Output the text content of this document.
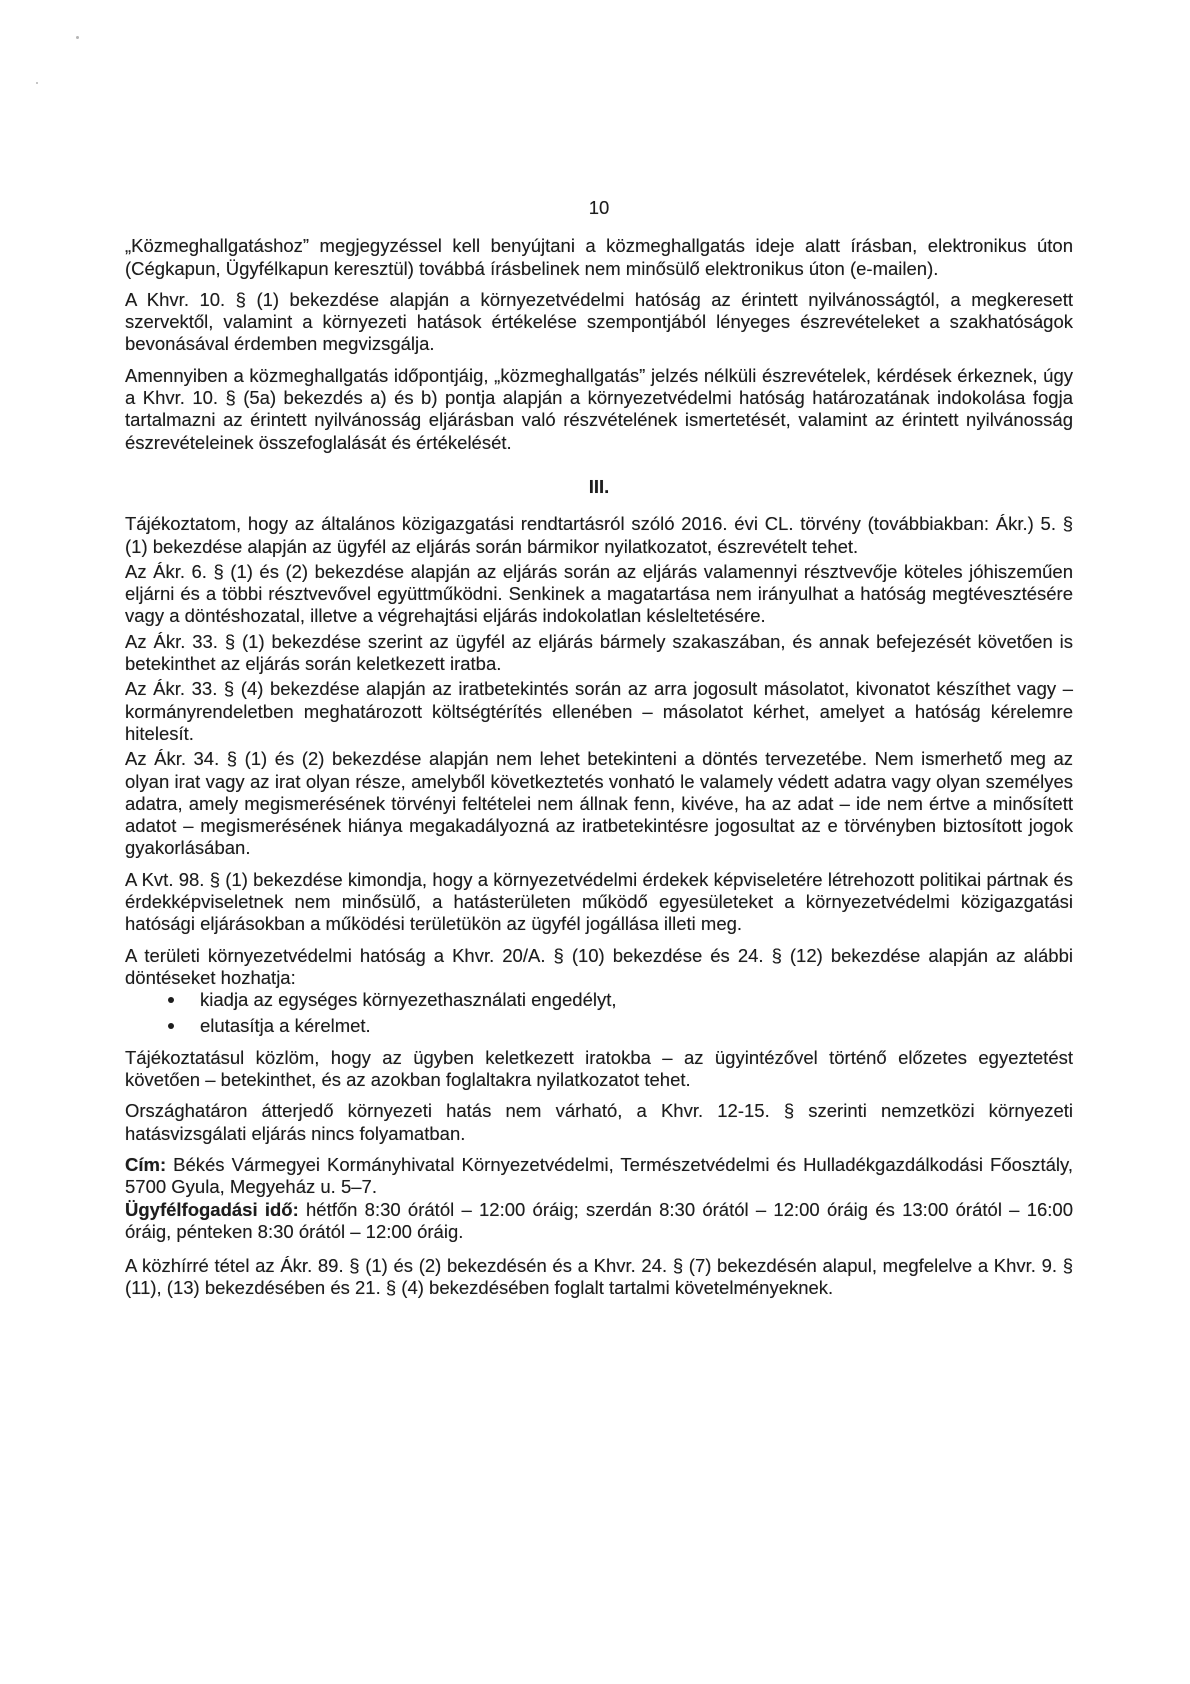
10

„Közmeghallgatáshoz” megjegyzéssel kell benyújtani a közmeghallgatás ideje alatt írásban, elektronikus úton (Cégkapun, Ügyfélkapun keresztül) továbbá írásbelinek nem minősülő elektronikus úton (e-mailen).

A Khvr. 10. § (1) bekezdése alapján a környezetvédelmi hatóság az érintett nyilvánosságtól, a megkeresett szervektől, valamint a környezeti hatások értékelése szempontjából lényeges észrevételeket a szakhatóságok bevonásával érdemben megvizsgálja.

Amennyiben a közmeghallgatás időpontjáig, „közmeghallgatás” jelzés nélküli észrevételek, kérdések érkeznek, úgy a Khvr. 10. § (5a) bekezdés a) és b) pontja alapján a környezetvédelmi hatóság határozatának indokolása fogja tartalmazni az érintett nyilvánosság eljárásban való részvételének ismertetését, valamint az érintett nyilvánosság észrevételeinek összefoglalását és értékelését.

III.

Tájékoztatom, hogy az általános közigazgatási rendtartásról szóló 2016. évi CL. törvény (továbbiakban: Ákr.) 5. § (1) bekezdése alapján az ügyfél az eljárás során bármikor nyilatkozatot, észrevételt tehet.

Az Ákr. 6. § (1) és (2) bekezdése alapján az eljárás során az eljárás valamennyi résztvevője köteles jóhiszeműen eljárni és a többi résztvevővel együttműködni. Senkinek a magatartása nem irányulhat a hatóság megtévesztésére vagy a döntéshozatal, illetve a végrehajtási eljárás indokolatlan késleltetésére.

Az Ákr. 33. § (1) bekezdése szerint az ügyfél az eljárás bármely szakaszában, és annak befejezését követően is betekinthet az eljárás során keletkezett iratba.

Az Ákr. 33. § (4) bekezdése alapján az iratbetekintés során az arra jogosult másolatot, kivonatot készíthet vagy – kormányrendeletben meghatározott költségtérítés ellenében – másolatot kérhet, amelyet a hatóság kérelemre hitelesít.

Az Ákr. 34. § (1) és (2) bekezdése alapján nem lehet betekinteni a döntés tervezetébe. Nem ismerhető meg az olyan irat vagy az irat olyan része, amelyből következtetés vonható le valamely védett adatra vagy olyan személyes adatra, amely megismerésének törvényi feltételei nem állnak fenn, kivéve, ha az adat – ide nem értve a minősített adatot – megismerésének hiánya megakadályozná az iratbetekintésre jogosultat az e törvényben biztosított jogok gyakorlásában.

A Kvt. 98. § (1) bekezdése kimondja, hogy a környezetvédelmi érdekek képviseletére létrehozott politikai pártnak és érdekképviseletnek nem minősülő, a hatásterületen működő egyesületeket a környezetvédelmi közigazgatási hatósági eljárásokban a működési területükön az ügyfél jogállása illeti meg.

A területi környezetvédelmi hatóság a Khvr. 20/A. § (10) bekezdése és 24. § (12) bekezdése alapján az alábbi döntéseket hozhatja:

kiadja az egységes környezethasználati engedélyt,
elutasítja a kérelmet.

Tájékoztatásul közlöm, hogy az ügyben keletkezett iratokba – az ügyintézővel történő előzetes egyeztetést követően – betekinthet, és az azokban foglaltakra nyilatkozatot tehet.

Országhatáron átterjedő környezeti hatás nem várható, a Khvr. 12-15. § szerinti nemzetközi környezeti hatásvizsgálati eljárás nincs folyamatban.

Cím: Békés Vármegyei Kormányhivatal Környezetvédelmi, Természetvédelmi és Hulladékgazdálkodási Főosztály, 5700 Gyula, Megyeház u. 5–7.

Ügyfélfogadási idő: hétfőn 8:30 órától – 12:00 óráig; szerdán 8:30 órától – 12:00 óráig és 13:00 órától – 16:00 óráig, pénteken 8:30 órától – 12:00 óráig.

A közhírré tétel az Ákr. 89. § (1) és (2) bekezdésén és a Khvr. 24. § (7) bekezdésén alapul, megfelelve a Khvr. 9. § (11), (13) bekezdésében és 21. § (4) bekezdésében foglalt tartalmi követelményeknek.
